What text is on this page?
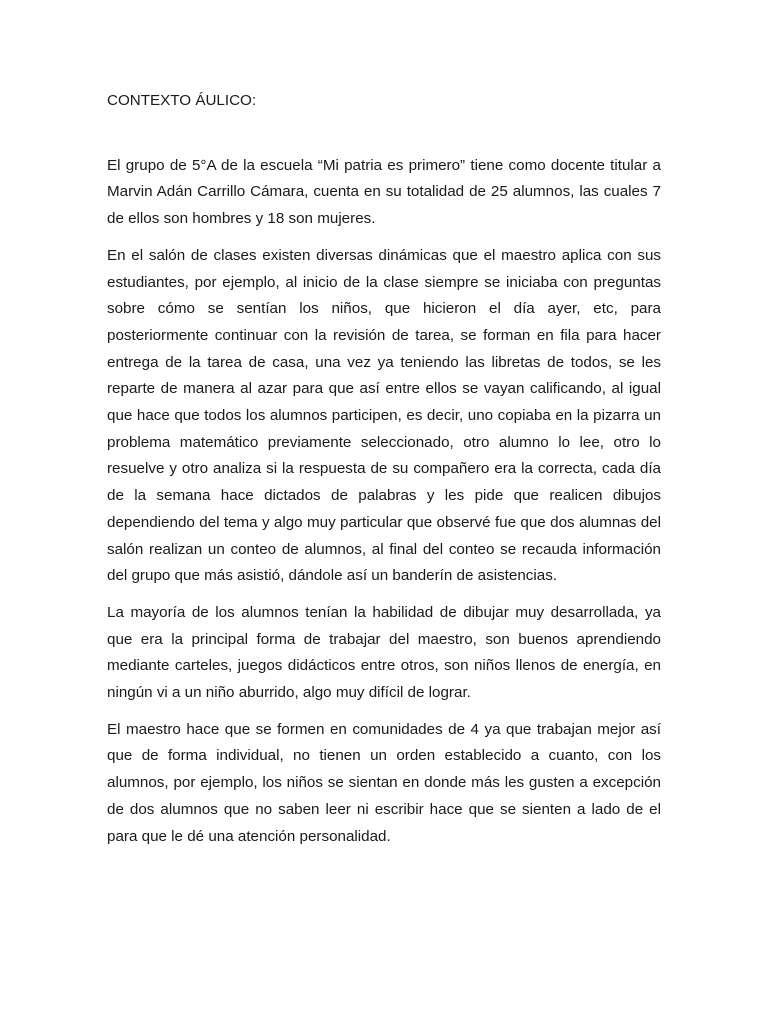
CONTEXTO ÁULICO:

El grupo de 5°A de la escuela “Mi patria es primero” tiene como docente titular a Marvin Adán Carrillo Cámara, cuenta en su totalidad de 25 alumnos, las cuales 7 de ellos son hombres y 18 son mujeres.

En el salón de clases existen diversas dinámicas que el maestro aplica con sus estudiantes, por ejemplo, al inicio de la clase siempre se iniciaba con preguntas sobre cómo se sentían los niños, que hicieron el día ayer, etc, para posteriormente continuar con la revisión de tarea, se forman en fila para hacer entrega de la tarea de casa, una vez ya teniendo las libretas de todos, se les reparte de manera al azar para que así entre ellos se vayan calificando, al igual que hace que todos los alumnos participen, es decir, uno copiaba en la pizarra un problema matemático previamente seleccionado, otro alumno lo lee, otro lo resuelve y otro analiza si la respuesta de su compañero era la correcta, cada día de la semana hace dictados de palabras y les pide que realicen dibujos dependiendo del tema y algo muy particular que observé fue que dos alumnas del salón realizan un conteo de alumnos, al final del conteo se recauda información del grupo que más asistió, dándole así un banderín de asistencias.

La mayoría de los alumnos tenían la habilidad de dibujar muy desarrollada, ya que era la principal forma de trabajar del maestro, son buenos aprendiendo mediante carteles, juegos didácticos entre otros, son niños llenos de energía, en ningún vi a un niño aburrido, algo muy difícil de lograr.

El maestro hace que se formen en comunidades de 4 ya que trabajan mejor así que de forma individual, no tienen un orden establecido a cuanto, con los alumnos, por ejemplo, los niños se sientan en donde más les gusten a excepción de dos alumnos que no saben leer ni escribir hace que se sienten a lado de el para que le dé una atención personalidad.
